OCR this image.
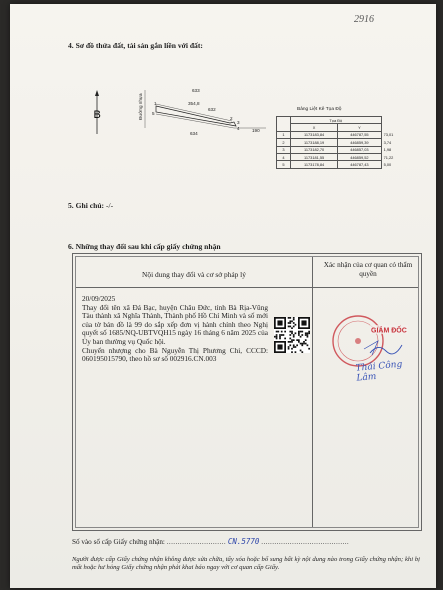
2916
4. Sơ đồ thửa đất, tài sản gắn liền với đất:
B	Đường nhựa
633
354,8
632
634
190
1
2
3
4
5
Bảng Liệt Kê Tọa Độ
	Tọa Độ		
	X	Y	
1	1173183,84	446787,55	73,01
2	1173188,19	446859,39	3,74
3	1173182,70	446857,03	1,98
4	1173181,55	446859,52	71,22
5	1173178,84	446787,43	5,00
5. Ghi chú: -/-
6. Những thay đổi sau khi cấp giấy chứng nhận
Nội dung thay đổi và cơ sở pháp lý
Xác nhận của cơ quan có thẩm quyền

20/09/2025

Thay đổi tên xã Đá Bạc, huyện Châu Đức, tỉnh Bà Rịa-Vũng Tàu thành xã Nghĩa Thành, Thành phố Hồ Chí Minh và số mới của tờ bản đồ là 99 do sắp xếp đơn vị hành chính theo Nghị quyết số 1685/NQ-UBTVQH15 ngày 16 tháng 6 năm 2025 của Ủy ban thường vụ Quốc hội.

Chuyển nhượng cho Bà Nguyễn Thị Phương Chi, CCCD: 060195015790, theo hồ sơ số 002916.CN.003

GIÁM ĐỐC
Thái Công Lâm
Số vào sổ cấp Giấy chứng nhận: ........................... CN.5770 ........................................
Người được cấp Giấy chứng nhận không được sửa chữa, tẩy xóa hoặc bổ sung bất kỳ nội dung nào trong Giấy chứng nhận; khi bị mất hoặc hư hỏng Giấy chứng nhận phải khai báo ngay với cơ quan cấp Giấy.
